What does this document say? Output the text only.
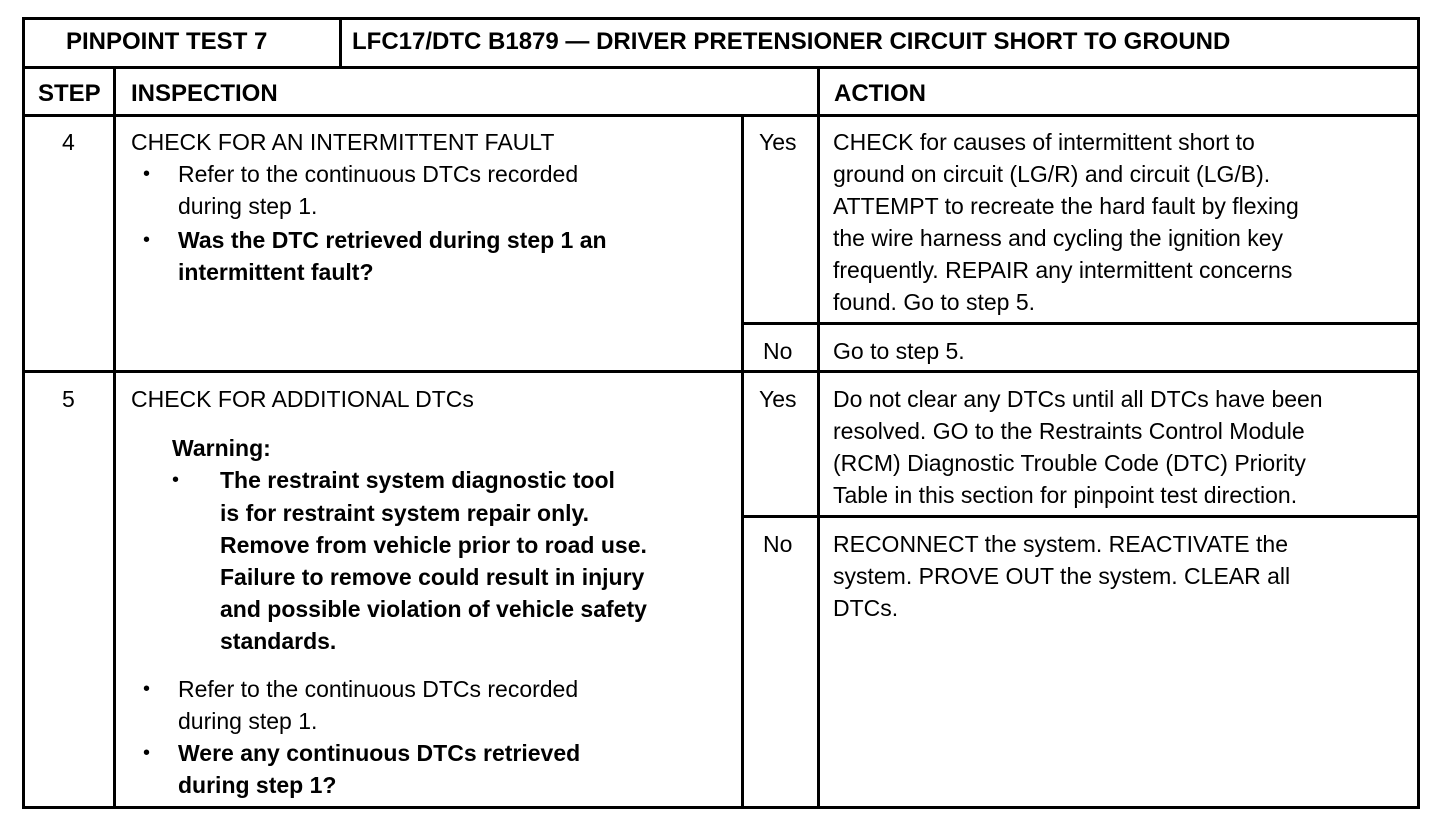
PINPOINT TEST 7	LFC17/DTC B1879 — DRIVER PRETENSIONER CIRCUIT SHORT TO GROUND
STEP INSPECTION	ACTION
4 CHECK FOR AN INTERMITTENT FAULT
• Refer to the continuous DTCs recorded
during step 1.
• Was the DTC retrieved during step 1 an
intermittent fault?
Yes CHECK for causes of intermittent short to
ground on circuit (LG/R) and circuit (LG/B).
ATTEMPT to recreate the hard fault by flexing
the wire harness and cycling the ignition key
frequently. REPAIR any intermittent concerns
found. Go to step 5.
No Go to step 5.
5 CHECK FOR ADDITIONAL DTCs
Warning:
• The restraint system diagnostic tool
is for restraint system repair only.
Remove from vehicle prior to road use.
Failure to remove could result in injury
and possible violation of vehicle safety
standards.
• Refer to the continuous DTCs recorded
during step 1.
• Were any continuous DTCs retrieved
during step 1?
Yes Do not clear any DTCs until all DTCs have been
resolved. GO to the Restraints Control Module
(RCM) Diagnostic Trouble Code (DTC) Priority
Table in this section for pinpoint test direction.
No RECONNECT the system. REACTIVATE the
system. PROVE OUT the system. CLEAR all
DTCs.
